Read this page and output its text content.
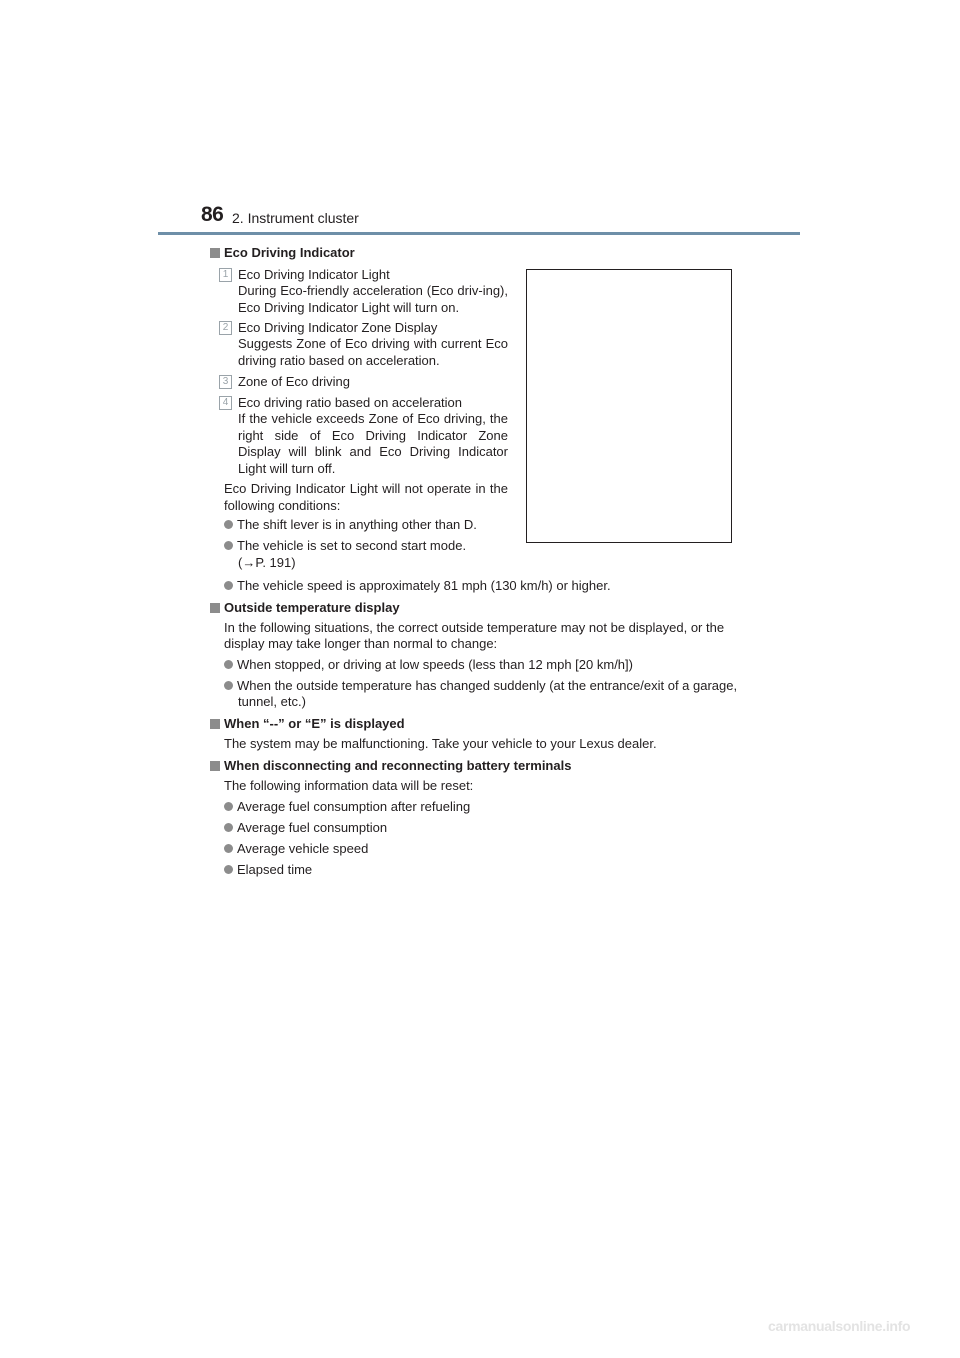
86 2. Instrument cluster
Eco Driving Indicator
1 Eco Driving Indicator Light
During Eco-friendly acceleration (Eco driv-ing), Eco Driving Indicator Light will turn on.
2 Eco Driving Indicator Zone Display
Suggests Zone of Eco driving with current Eco driving ratio based on acceleration.
3 Zone of Eco driving
4 Eco driving ratio based on acceleration
If the vehicle exceeds Zone of Eco driving, the right side of Eco Driving Indicator Zone Display will blink and Eco Driving Indicator Light will turn off.
Eco Driving Indicator Light will not operate in the following conditions:
The shift lever is in anything other than D.
The vehicle is set to second start mode.
(→P. 191)
The vehicle speed is approximately 81 mph (130 km/h) or higher.
Outside temperature display
In the following situations, the correct outside temperature may not be displayed, or the
display may take longer than normal to change:
When stopped, or driving at low speeds (less than 12 mph [20 km/h])
When the outside temperature has changed suddenly (at the entrance/exit of a garage,
tunnel, etc.)
When “--” or “E” is displayed
The system may be malfunctioning. Take your vehicle to your Lexus dealer.
When disconnecting and reconnecting battery terminals
The following information data will be reset:
Average fuel consumption after refueling
Average fuel consumption
Average vehicle speed
Elapsed time
carmanualsonline.info
